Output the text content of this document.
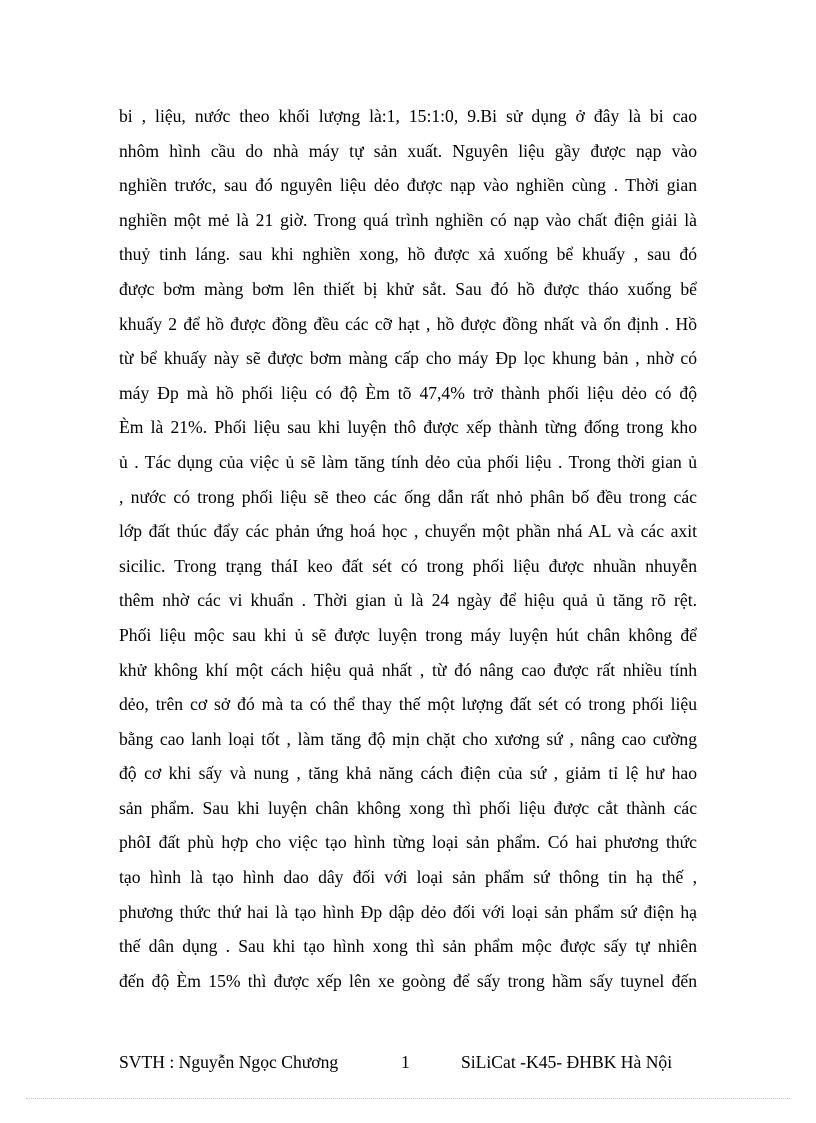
bi , liệu, nước theo khối lượng là:1, 15:1:0, 9.Bi sử dụng ở đây là bi cao
nhôm hình cầu do nhà máy tự sản xuất. Nguyên liệu gầy được nạp vào
nghiền trước, sau đó nguyên liệu dẻo được nạp vào nghiền cùng . Thời gian
nghiền một mẻ là 21 giờ. Trong quá trình nghiền có nạp vào chất điện giải là
thuỷ tinh láng. sau khi nghiền xong, hồ được xả xuống bể khuấy , sau đó
được bơm màng bơm lên thiết bị khử sắt. Sau đó hồ được tháo xuống bể
khuấy 2 để hồ được đồng đều các cỡ hạt , hồ được đồng nhất và ổn định . Hồ
từ bể khuấy này sẽ được bơm màng cấp cho máy Đp lọc khung bản , nhờ có
máy Đp mà hồ phối liệu có độ Èm tõ 47,4% trở thành phối liệu dẻo có độ
Èm là 21%. Phối liệu sau khi luyện thô được xếp thành từng đống trong kho
ủ . Tác dụng của việc ủ sẽ làm tăng tính dẻo của phối liệu . Trong thời gian ủ
, nước có trong phối liệu sẽ theo các ống dẫn rất nhỏ phân bố đều trong các
lớp đất thúc đẩy các phản ứng hoá học , chuyển một phần nhá AL và các axit
sicilic. Trong trạng tháI keo đất sét có trong phối liệu được nhuần nhuyễn
thêm nhờ các vi khuẩn . Thời gian ủ là 24 ngày để hiệu quả ủ tăng rõ rệt.
Phối liệu mộc sau khi ủ sẽ được luyện trong máy luyện hút chân không để
khử không khí một cách hiệu quả nhất , từ đó nâng cao được rất nhiều tính
dẻo, trên cơ sở đó mà ta có thể thay thế một lượng đất sét có trong phối liệu
bằng cao lanh loại tốt , làm tăng độ mịn chặt cho xương sứ , nâng cao cường
độ cơ khi sấy và nung , tăng khả năng cách điện của sứ , giảm tỉ lệ hư hao
sản phẩm. Sau khi luyện chân không xong thì phối liệu được cắt thành các
phôI đất phù hợp cho việc tạo hình từng loại sản phẩm. Có hai phương thức
tạo hình là tạo hình dao dây đối với loại sản phẩm sứ thông tin hạ thế ,
phương thức thứ hai là tạo hình Đp dập dẻo đối với loại sản phẩm sứ điện hạ
thế dân dụng . Sau khi tạo hình xong thì sản phẩm mộc được sấy tự nhiên
đến độ Èm 15% thì được xếp lên xe goòng để sấy trong hầm sấy tuynel đến
SVTH : Nguyễn Ngọc Chương	1	SiLiCat -K45- ĐHBK Hà Nội
